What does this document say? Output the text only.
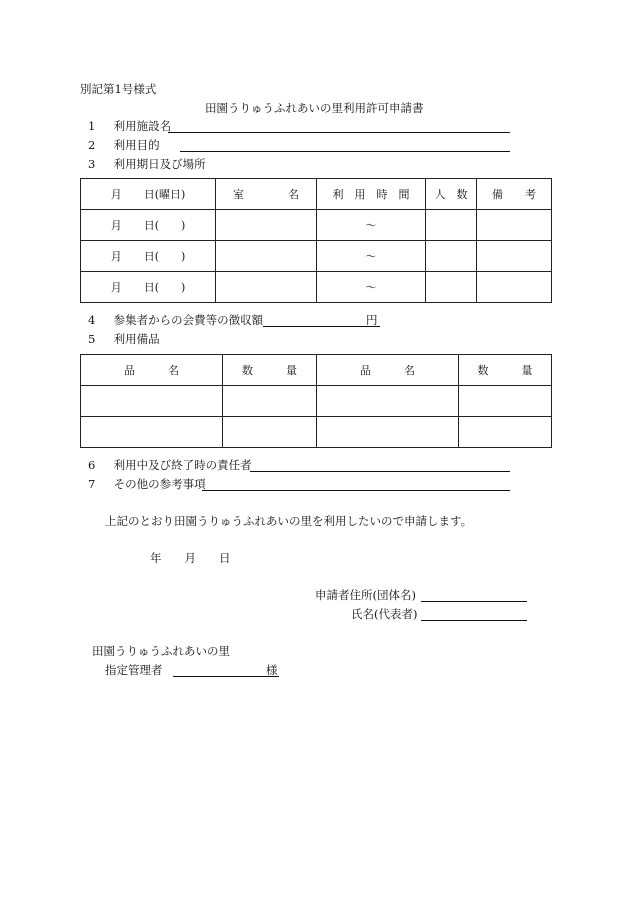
別記第1号様式
田園うりゅうふれあいの里利用許可申請書
1 利用施設名
2 利用目的
3 利用期日及び場所
月　　日(曜日)	室　　　　名	利　用　時　間	人　数	備　　考
月　　日(　　)		～		
月　　日(　　)		～		
月　　日(　　)		～		
4 参集者からの会費等の徴収額	円
5 利用備品
品　　　名	数　　　量	品　　　名	数　　　量

6 利用中及び終了時の責任者
7 その他の参考事項
上記のとおり田園うりゅうふれあいの里を利用したいので申請します。
年　　月　　日
申請者住所(団体名)
氏名(代表者)
田園うりゅうふれあいの里
指定管理者	様
